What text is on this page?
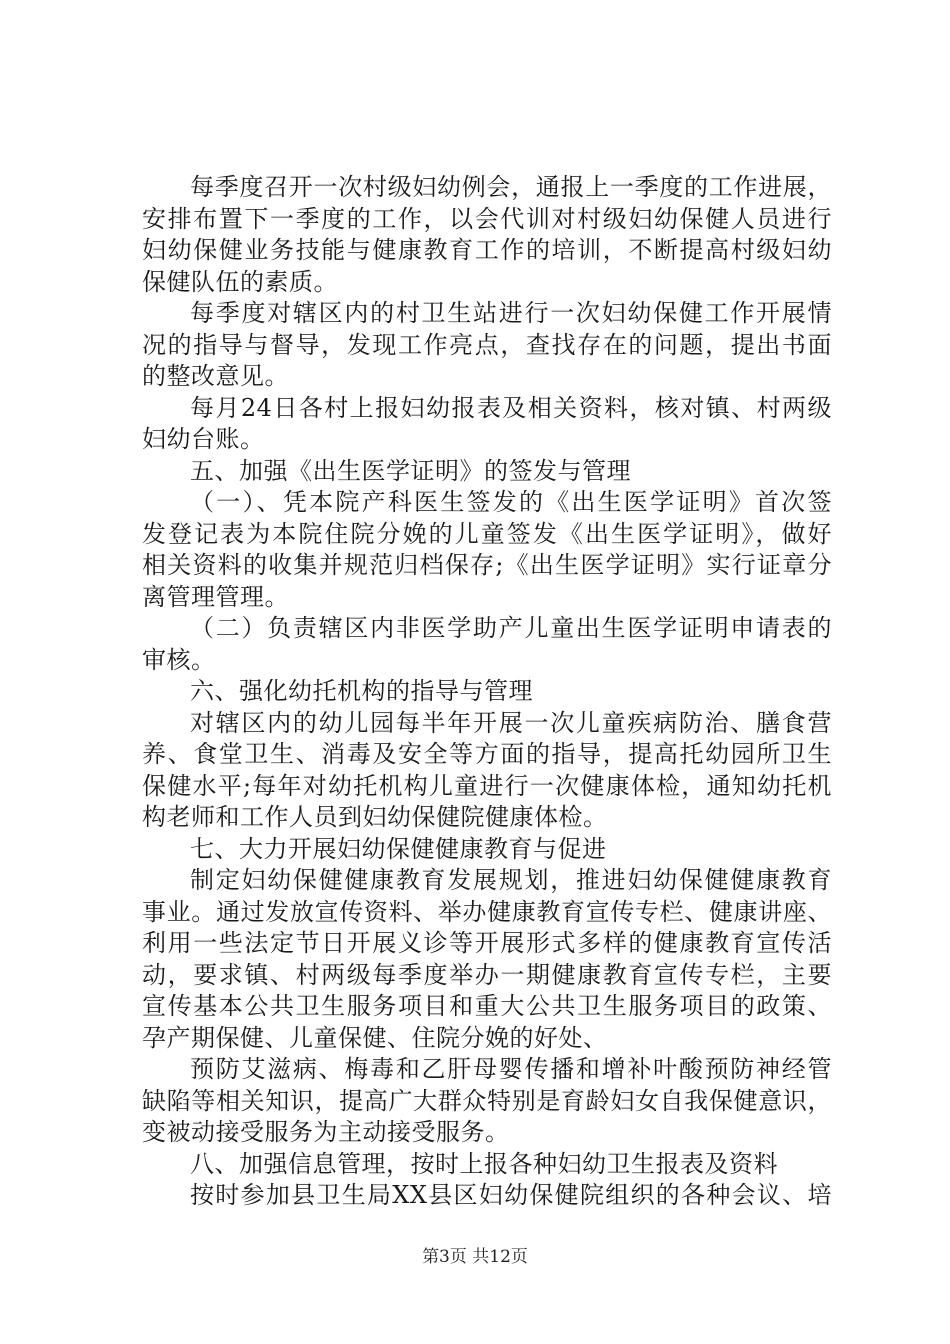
每季度召开一次村级妇幼例会，通报上一季度的工作进展，
安排布置下一季度的工作，以会代训对村级妇幼保健人员进行
妇幼保健业务技能与健康教育工作的培训，不断提高村级妇幼
保健队伍的素质。
每季度对辖区内的村卫生站进行一次妇幼保健工作开展情
况的指导与督导，发现工作亮点，查找存在的问题，提出书面
的整改意见。
每月24日各村上报妇幼报表及相关资料，核对镇、村两级
妇幼台账。
五、加强《出生医学证明》的签发与管理
（一）、凭本院产科医生签发的《出生医学证明》首次签
发登记表为本院住院分娩的儿童签发《出生医学证明》，做好
相关资料的收集并规范归档保存;《出生医学证明》实行证章分
离管理管理。
（二）负责辖区内非医学助产儿童出生医学证明申请表的
审核。
六、强化幼托机构的指导与管理
对辖区内的幼儿园每半年开展一次儿童疾病防治、膳食营
养、食堂卫生、消毒及安全等方面的指导，提高托幼园所卫生
保健水平;每年对幼托机构儿童进行一次健康体检，通知幼托机
构老师和工作人员到妇幼保健院健康体检。
七、大力开展妇幼保健健康教育与促进
制定妇幼保健健康教育发展规划，推进妇幼保健健康教育
事业。通过发放宣传资料、举办健康教育宣传专栏、健康讲座、
利用一些法定节日开展义诊等开展形式多样的健康教育宣传活
动，要求镇、村两级每季度举办一期健康教育宣传专栏，主要
宣传基本公共卫生服务项目和重大公共卫生服务项目的政策、
孕产期保健、儿童保健、住院分娩的好处、
预防艾滋病、梅毒和乙肝母婴传播和增补叶酸预防神经管
缺陷等相关知识，提高广大群众特别是育龄妇女自我保健意识，
变被动接受服务为主动接受服务。
八、加强信息管理，按时上报各种妇幼卫生报表及资料
按时参加县卫生局XX县区妇幼保健院组织的各种会议、培
第3页 共12页
